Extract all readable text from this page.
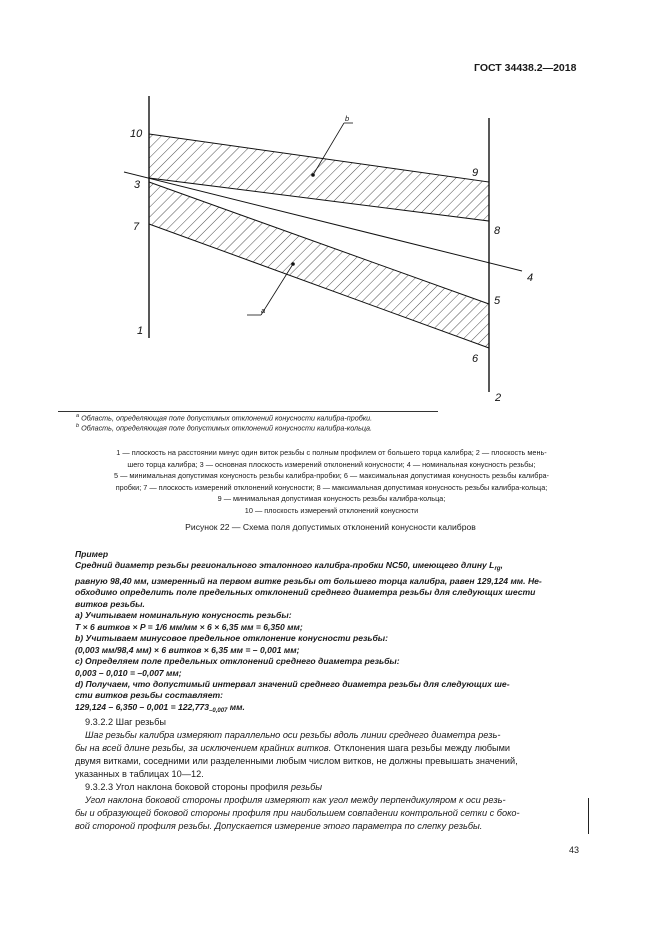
ГОСТ 34438.2—2018
10
3
7
1
9
8
4
5
6
2
a
b
$^a$ Область, определяющая поле допустимых отклонений конусности калибра-пробки.
$^b$ Область, определяющая поле допустимых отклонений конусности калибра-кольца.
1 — плоскость на расстоянии минус один виток резьбы с полным профилем от большего торца калибра; 2 — плоскость мень-
шего торца калибра; 3 — основная плоскость измерений отклонений конусности; 4 — номинальная конусность резьбы;
5 — минимальная допустимая конусность резьбы калибра-пробки; 6 — максимальная допустимая конусность резьбы калибра-
пробки; 7 — плоскость измерений отклонений конусности; 8 — максимальная допустимая конусность резьбы калибра-кольца;
9 — минимальная допустимая конусность резьбы калибра-кольца;
10 — плоскость измерений отклонений конусности
Рисунок 22 — Схема поля допустимых отклонений конусности калибров

Пример

Средний диаметр резьбы регионального эталонного калибра-пробки NC50, имеющего длину $L_{rg}$,

равную 98,40 мм, измеренный на первом витке резьбы от большего торца калибра, равен 129,124 мм. Не-

обходимо определить поле предельных отклонений среднего диаметра резьбы для следующих шести

витков резьбы.

а) Учитываем номинальную конусность резьбы:

T × 6 витков × P = 1/6 мм/мм × 6 × 6,35 мм = 6,350 мм;

b) Учитываем минусовое предельное отклонение конусности резьбы:

(0,003 мм/98,4 мм) × 6 витков × 6,35 мм = – 0,001 мм;

c) Определяем поле предельных отклонений среднего диаметра резьбы:

0,003 – 0,010 = –0,007 мм;

d) Получаем, что допустимый интервал значений среднего диаметра резьбы для следующих ше-

сти витков резьбы составляет:

$129,124 - 6,350 - 0,001 = 122,773_{-0,007}$ мм.

9.3.2.2 Шаг резьбы

Шаг резьбы калибра измеряют параллельно оси резьбы вдоль линии среднего диаметра резь-

бы на всей длине резьбы, за исключением крайних витков. Отклонения шага резьбы между любыми

двумя витками, соседними или разделенными любым числом витков, не должны превышать значений,

указанных в таблицах 10—12.

9.3.2.3 Угол наклона боковой стороны профиля резьбы

Угол наклона боковой стороны профиля измеряют как угол между перпендикуляром к оси резь-

бы и образующей боковой стороны профиля при наибольшем совпадении контрольной сетки с боко-

вой стороной профиля резьбы. Допускается измерение этого параметра по слепку резьбы.

43
